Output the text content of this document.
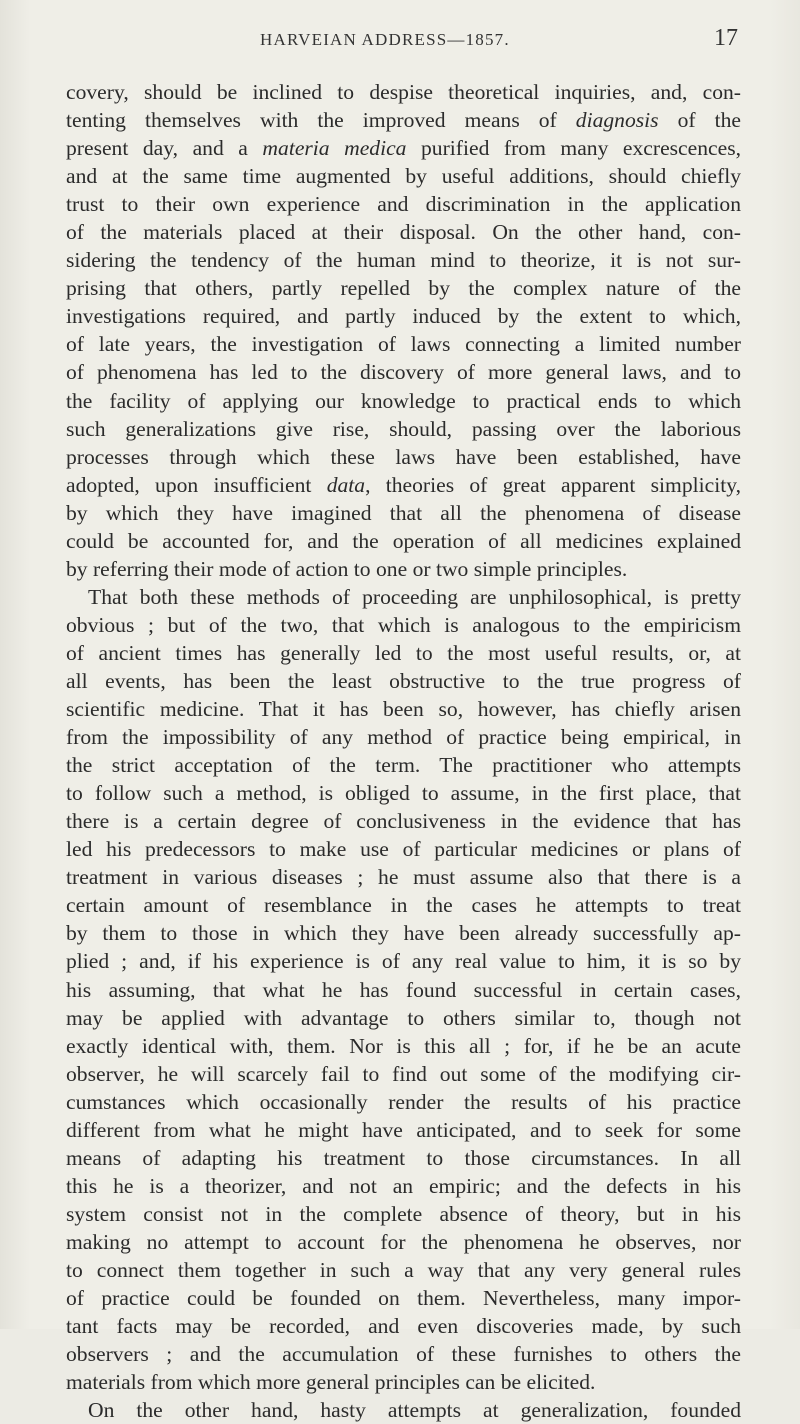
HARVEIAN ADDRESS—1857.	17
covery, should be inclined to despise theoretical inquiries, and, con-
tenting themselves with the improved means of diagnosis of the
present day, and a materia medica purified from many excrescences,
and at the same time augmented by useful additions, should chiefly
trust to their own experience and discrimination in the application
of the materials placed at their disposal. On the other hand, con-
sidering the tendency of the human mind to theorize, it is not sur-
prising that others, partly repelled by the complex nature of the
investigations required, and partly induced by the extent to which,
of late years, the investigation of laws connecting a limited number
of phenomena has led to the discovery of more general laws, and to
the facility of applying our knowledge to practical ends to which
such generalizations give rise, should, passing over the laborious
processes through which these laws have been established, have
adopted, upon insufficient data, theories of great apparent simplicity,
by which they have imagined that all the phenomena of disease
could be accounted for, and the operation of all medicines explained
by referring their mode of action to one or two simple principles.
That both these methods of proceeding are unphilosophical, is pretty
obvious ; but of the two, that which is analogous to the empiricism
of ancient times has generally led to the most useful results, or, at
all events, has been the least obstructive to the true progress of
scientific medicine. That it has been so, however, has chiefly arisen
from the impossibility of any method of practice being empirical, in
the strict acceptation of the term. The practitioner who attempts
to follow such a method, is obliged to assume, in the first place, that
there is a certain degree of conclusiveness in the evidence that has
led his predecessors to make use of particular medicines or plans of
treatment in various diseases ; he must assume also that there is a
certain amount of resemblance in the cases he attempts to treat
by them to those in which they have been already successfully ap-
plied ; and, if his experience is of any real value to him, it is so by
his assuming, that what he has found successful in certain cases,
may be applied with advantage to others similar to, though not
exactly identical with, them. Nor is this all ; for, if he be an acute
observer, he will scarcely fail to find out some of the modifying cir-
cumstances which occasionally render the results of his practice
different from what he might have anticipated, and to seek for some
means of adapting his treatment to those circumstances. In all
this he is a theorizer, and not an empiric; and the defects in his
system consist not in the complete absence of theory, but in his
making no attempt to account for the phenomena he observes, nor
to connect them together in such a way that any very general rules
of practice could be founded on them. Nevertheless, many impor-
tant facts may be recorded, and even discoveries made, by such
observers ; and the accumulation of these furnishes to others the
materials from which more general principles can be elicited.
On the other hand, hasty attempts at generalization, founded
